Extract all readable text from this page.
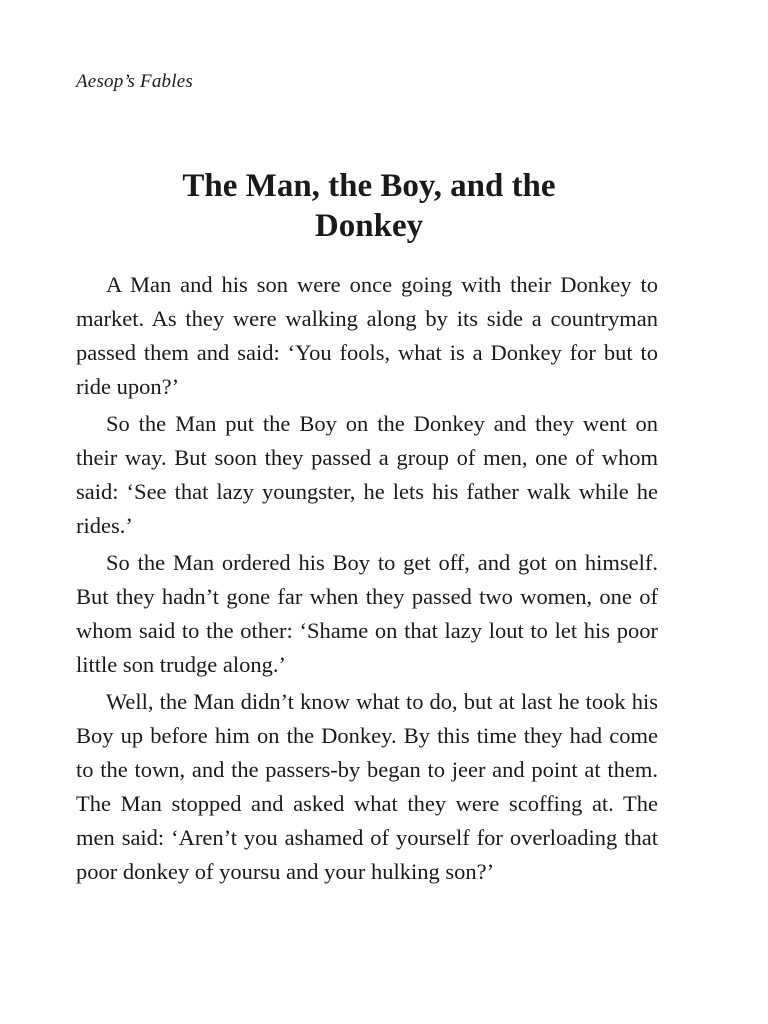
Aesop’s Fables
The Man, the Boy, and the
Donkey

A Man and his son were once going with their Donkey to market. As they were walking along by its side a countryman passed them and said: ‘You fools, what is a Donkey for but to ride upon?’

So the Man put the Boy on the Donkey and they went on their way. But soon they passed a group of men, one of whom said: ‘See that lazy youngster, he lets his father walk while he rides.’

So the Man ordered his Boy to get off, and got on himself. But they hadn’t gone far when they passed two women, one of whom said to the other: ‘Shame on that lazy lout to let his poor little son trudge along.’

Well, the Man didn’t know what to do, but at last he took his Boy up before him on the Donkey. By this time they had come to the town, and the passers-by began to jeer and point at them. The Man stopped and asked what they were scoffing at. The men said: ‘Aren’t you ashamed of yourself for overloading that poor donkey of yoursu and your hulking son?’
